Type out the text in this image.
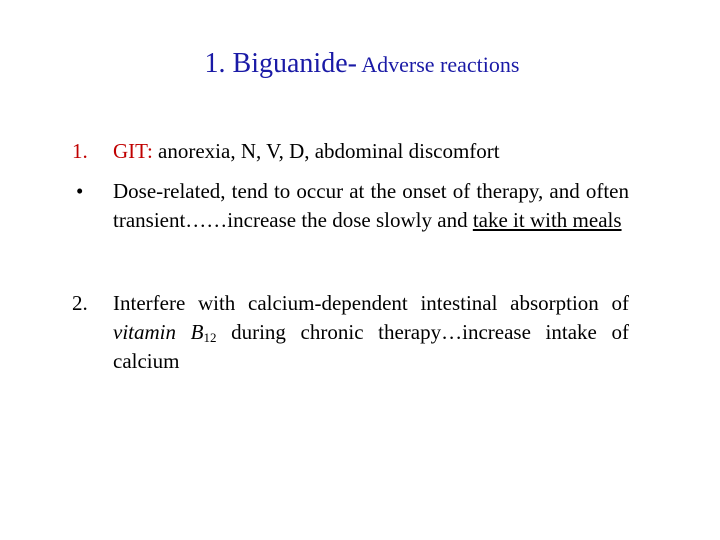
1. Biguanide- Adverse reactions
1. GIT: anorexia, N, V, D, abdominal discomfort
• Dose-related, tend to occur at the onset of therapy, and often transient……increase the dose slowly and take it with meals
2. Interfere with calcium-dependent intestinal absorption of vitamin $B_{12}$ during chronic therapy…increase intake of calcium
